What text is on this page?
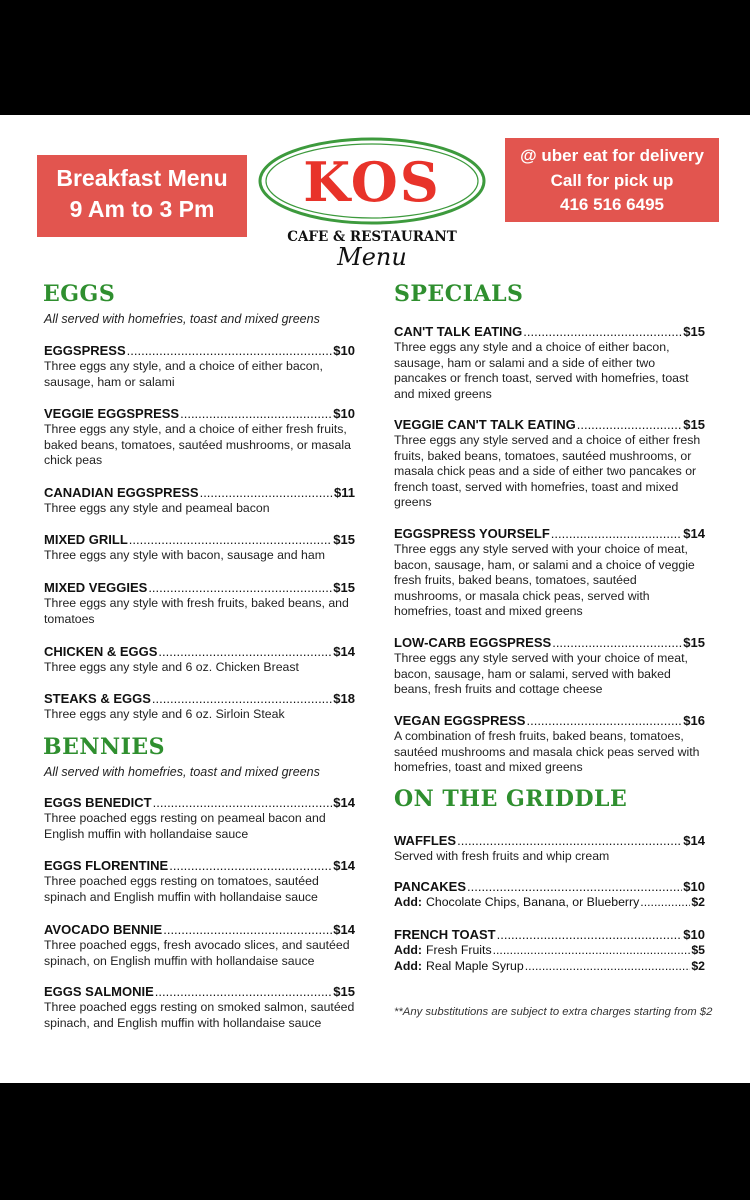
Breakfast Menu
9 Am to 3 Pm	KOS
CAFE & RESTAURANT
Menu
@ uber eat for delivery
Call for pick up
416 516 6495
EGGS
All served with homefries, toast and mixed greens
EGGSPRESS .....	$10
Three eggs any style, and a choice of either bacon, sausage, ham or salami
VEGGIE EGGSPRESS .....	$10
Three eggs any style, and a choice of either fresh fruits, baked beans, tomatoes, sautéed mushrooms, or masala chick peas
CANADIAN EGGSPRESS .....	$11
Three eggs any style and peameal bacon
MIXED GRILL .....	$15
Three eggs any style with bacon, sausage and ham
MIXED VEGGIES .....	$15
Three eggs any style with fresh fruits, baked beans, and tomatoes
CHICKEN & EGGS .....	$14
Three eggs any style and 6 oz. Chicken Breast
STEAKS & EGGS .....	$18
Three eggs any style and 6 oz. Sirloin Steak
BENNIES
All served with homefries, toast and mixed greens
EGGS BENEDICT .....	$14
Three poached eggs resting on peameal bacon and English muffin with hollandaise sauce
EGGS FLORENTINE .....	$14
Three poached eggs resting on tomatoes, sautéed spinach and English muffin with hollandaise sauce
AVOCADO BENNIE .....	$14
Three poached eggs, fresh avocado slices, and sautéed spinach, on English muffin with hollandaise sauce
EGGS SALMONIE .....	$15
Three poached eggs resting on smoked salmon, sautéed spinach, and English muffin with hollandaise sauce
SPECIALS
CAN'T TALK EATING .....	$15
Three eggs any style and a choice of either bacon, sausage, ham or salami and a side of either two pancakes or french toast, served with homefries, toast and mixed greens
VEGGIE CAN'T TALK EATING .....	$15
Three eggs any style served and a choice of either fresh fruits, baked beans, tomatoes, sautéed mushrooms, or masala chick peas and a side of either two pancakes or french toast, served with homefries, toast and mixed greens
EGGSPRESS YOURSELF .....	$14
Three eggs any style served with your choice of meat, bacon, sausage, ham, or salami and a choice of veggie fresh fruits, baked beans, tomatoes, sautéed mushrooms, or masala chick peas, served with homefries, toast and mixed greens
LOW-CARB EGGSPRESS .....	$15
Three eggs any style served with your choice of meat, bacon, sausage, ham or salami, served with baked beans, fresh fruits and cottage cheese
VEGAN EGGSPRESS .....	$16
A combination of fresh fruits, baked beans, tomatoes, sautéed mushrooms and masala chick peas served with homefries, toast and mixed greens
ON THE GRIDDLE
WAFFLES .....	$14
Served with fresh fruits and whip cream
PANCAKES .....	$10
Add: Chocolate Chips, Banana, or Blueberry .....	$2
FRENCH TOAST .....	$10
Add: Fresh Fruits .....	$5
Add: Real Maple Syrup .....	$2
**Any substitutions are subject to extra charges starting from $2
